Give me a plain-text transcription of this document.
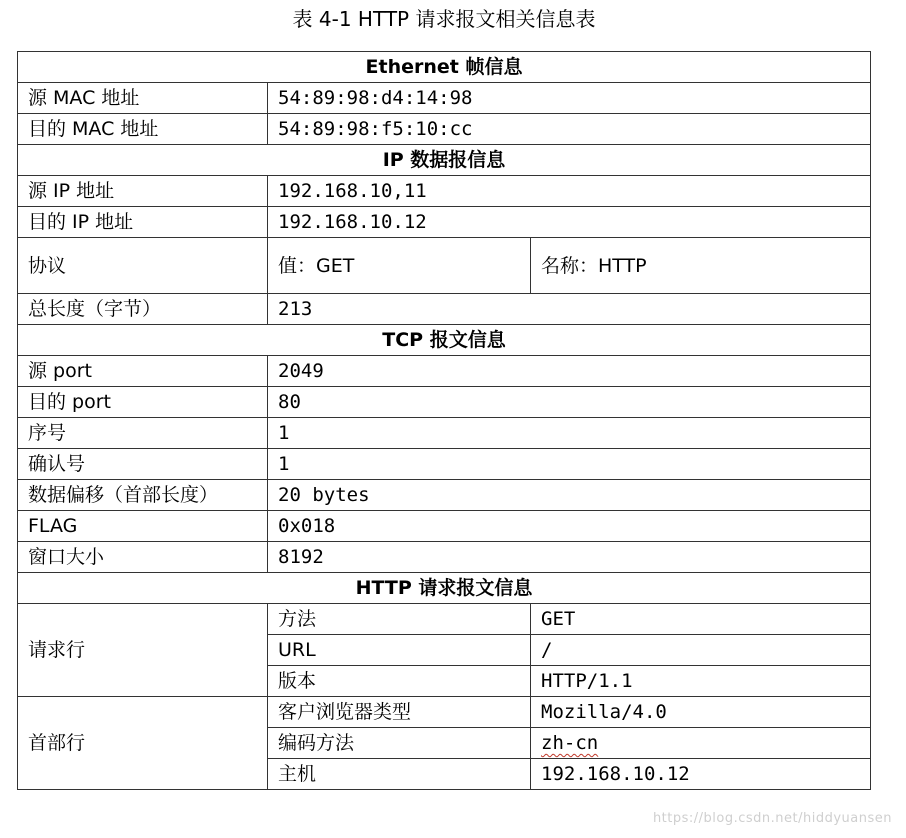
表 4-1 HTTP 请求报文相关信息表
Ethernet 帧信息		
源 MAC 地址	54:89:98:d4:14:98	
目的 MAC 地址	54:89:98:f5:10:cc	
IP 数据报信息		
源 IP 地址	192.168.10,11	
目的 IP 地址	192.168.10.12	
协议	值：GET	名称：HTTP
总长度（字节）	213	
TCP 报文信息		
源 port	2049	
目的 port	80	
序号	1	
确认号	1	
数据偏移（首部长度）	20 bytes	
FLAG	0x018	
窗口大小	8192	
HTTP 请求报文信息		
请求行	方法	GET
	URL	/
	版本	HTTP/1.1
首部行	客户浏览器类型	Mozilla/4.0
	编码方法	zh-cn
	主机	192.168.10.12
https://blog.csdn.net/hiddyuansen
